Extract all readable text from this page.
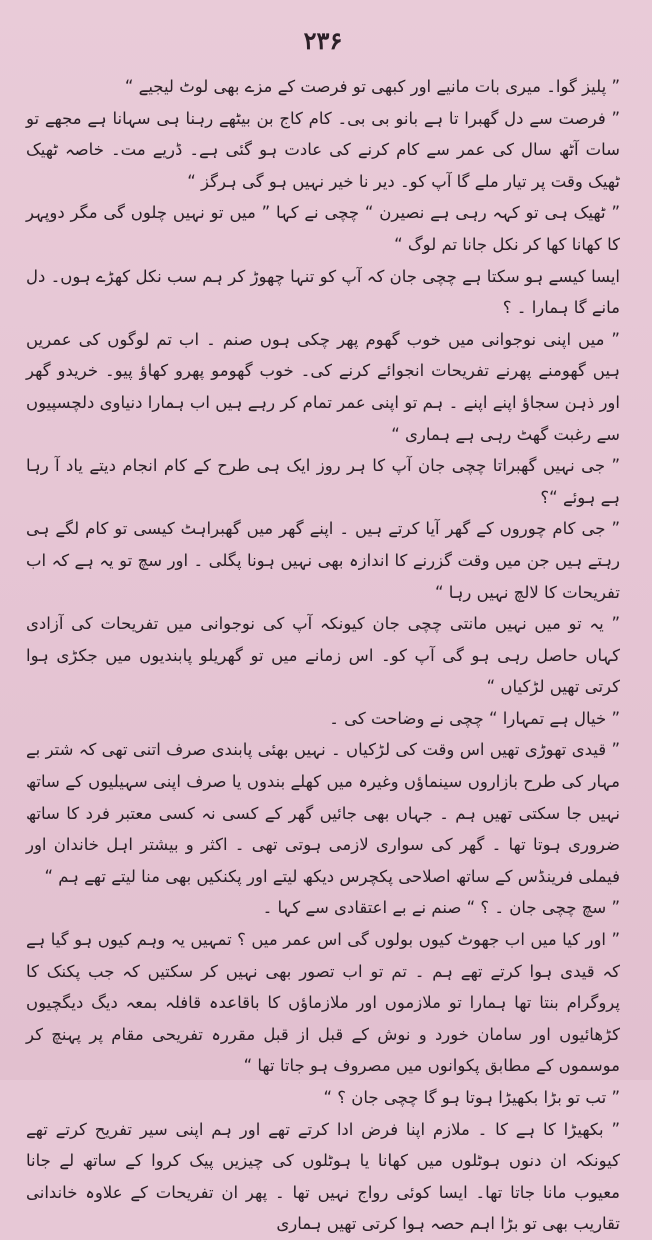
۲۳۶

” پلیز گوا۔ میری بات مانیے اور کبھی تو فرصت کے مزے بھی لوٹ لیجیے “

” فرصت سے دل گھبرا تا ہے بانو بی بی۔ کام کاج بن بیٹھے رہنا ہی سہانا ہے مجھے تو سات آٹھ سال کی عمر سے کام کرنے کی عادت ہو گئی ہے۔ ڈریے مت۔ خاصہ ٹھیک ٹھیک وقت پر تیار ملے گا آپ کو۔ دیر نا خیر نہیں ہو گی ہرگز “

” ٹھیک ہی تو کہہ رہی ہے نصیرن “ چچی نے کہا ” میں تو نہیں چلوں گی مگر دوپہر کا کھانا کھا کر نکل جانا تم لوگ “

ایسا کیسے ہو سکتا ہے چچی جان کہ آپ کو تنہا چھوڑ کر ہم سب نکل کھڑے ہوں۔ دل مانے گا ہمارا ۔ ؟

” میں اپنی نوجوانی میں خوب گھوم پھر چکی ہوں صنم ۔ اب تم لوگوں کی عمریں ہیں گھومنے پھرنے تفریحات انجوائے کرنے کی۔ خوب گھومو پھرو کھاؤ پیو۔ خریدو گھر اور ذہن سجاؤ اپنے اپنے ۔ ہم تو اپنی عمر تمام کر رہے ہیں اب ہمارا دنیاوی دلچسپیوں سے رغبت گھٹ رہی ہے ہماری “

” جی نہیں گھبراتا چچی جان آپ کا ہر روز ایک ہی طرح کے کام انجام دیتے یاد آ رہا ہے ہوئے “؟

” جی کام چوروں کے گھر آیا کرتے ہیں ۔ اپنے گھر میں گھبراہٹ کیسی تو کام لگے ہی رہتے ہیں جن میں وقت گزرنے کا اندازہ بھی نہیں ہونا پگلی ۔ اور سچ تو یہ ہے کہ اب تفریحات کا لالچ نہیں رہا “

” یہ تو میں نہیں مانتی چچی جان کیونکہ آپ کی نوجوانی میں تفریحات کی آزادی کہاں حاصل رہی ہو گی آپ کو۔ اس زمانے میں تو گھریلو پابندیوں میں جکڑی ہوا کرتی تھیں لڑکیاں “

” خیال ہے تمہارا “ چچی نے وضاحت کی ۔

” قیدی تھوڑی تھیں اس وقت کی لڑکیاں ۔ نہیں بھئی پابندی صرف اتنی تھی کہ شتر بے مہار کی طرح بازاروں سینماؤں وغیرہ میں کھلے بندوں یا صرف اپنی سہیلیوں کے ساتھ نہیں جا سکتی تھیں ہم ۔ جہاں بھی جائیں گھر کے کسی نہ کسی معتبر فرد کا ساتھ ضروری ہوتا تھا ۔ گھر کی سواری لازمی ہوتی تھی ۔ اکثر و بیشتر اہل خاندان اور فیملی فرینڈس کے ساتھ اصلاحی پکچرس دیکھ لیتے اور پکنکیں بھی منا لیتے تھے ہم “

” سچ چچی جان ۔ ؟ “ صنم نے بے اعتقادی سے کہا ۔

” اور کیا میں اب جھوٹ کیوں بولوں گی اس عمر میں ؟ تمہیں یہ وہم کیوں ہو گیا ہے کہ قیدی ہوا کرتے تھے ہم ۔ تم تو اب تصور بھی نہیں کر سکتیں کہ جب پکنک کا پروگرام بنتا تھا ہمارا تو ملازموں اور ملازماؤں کا باقاعدہ قافلہ بمعہ دیگ دیگچیوں کڑھائیوں اور سامان خورد و نوش کے قبل از قبل مقررہ تفریحی مقام پر پہنچ کر موسموں کے مطابق پکوانوں میں مصروف ہو جاتا تھا “

” تب تو بڑا بکھیڑا ہوتا ہو گا چچی جان ؟ “

” بکھیڑا کا ہے کا ۔ ملازم اپنا فرض ادا کرتے تھے اور ہم اپنی سیر تفریح کرتے تھے کیونکہ ان دنوں ہوٹلوں میں کھانا یا ہوٹلوں کی چیزیں پیک کروا کے ساتھ لے جانا معیوب مانا جاتا تھا۔ ایسا کوئی رواج نہیں تھا ۔ پھر ان تفریحات کے علاوہ خاندانی تقاریب بھی تو بڑا اہم حصہ ہوا کرتی تھیں ہماری
